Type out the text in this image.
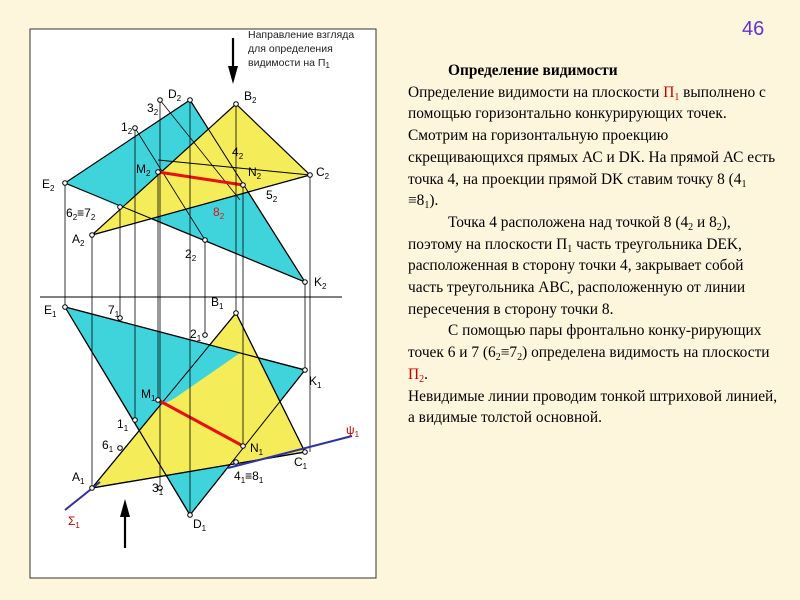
46
Направление взгляда
для определения
видимости на П1
$D_2$	$B_2$
$3_2$
$1_2$
$4_2$
$M_2$	$N_2$	$C_2$
$E_2$	$5_2$
$6_2\equiv 7_2$	$8_2$
$A_2$
$2_2$
$K_2$
$B_1$
$E_1$	$7_1$
$2_1$
$K_1$
$M_1$
$1_1$
$N_1$
$6_1$
$A_1$	$4_1\equiv 8_1$
$C_1$
$3_1$
$D_1$
$\psi_1$
$\Sigma_1$

Определение видимости

Определение видимости на плоскости $П_1$ выполнено с помощью горизонтально конкурирующих точек. Смотрим на горизонтальную проекцию скрещивающихся прямых АС и DK. На прямой АС есть точка 4, на проекции прямой DK ставим точку 8 $(4_1 \equiv 8_1)$.

Точка 4 расположена над точкой 8 ($4_2$ и $8_2$), поэтому на плоскости $П_1$ часть треугольника DEK, расположенная в сторону точки 4, закрывает собой часть треугольника АВС, расположенную от линии пересечения в сторону точки 8.

С помощью пары фронтально конку-рирующих точек 6 и 7 $(6_2\equiv 7_2)$ определена видимость на плоскости $П_2$.

Невидимые линии проводим тонкой штриховой линией, а видимые толстой основной.
